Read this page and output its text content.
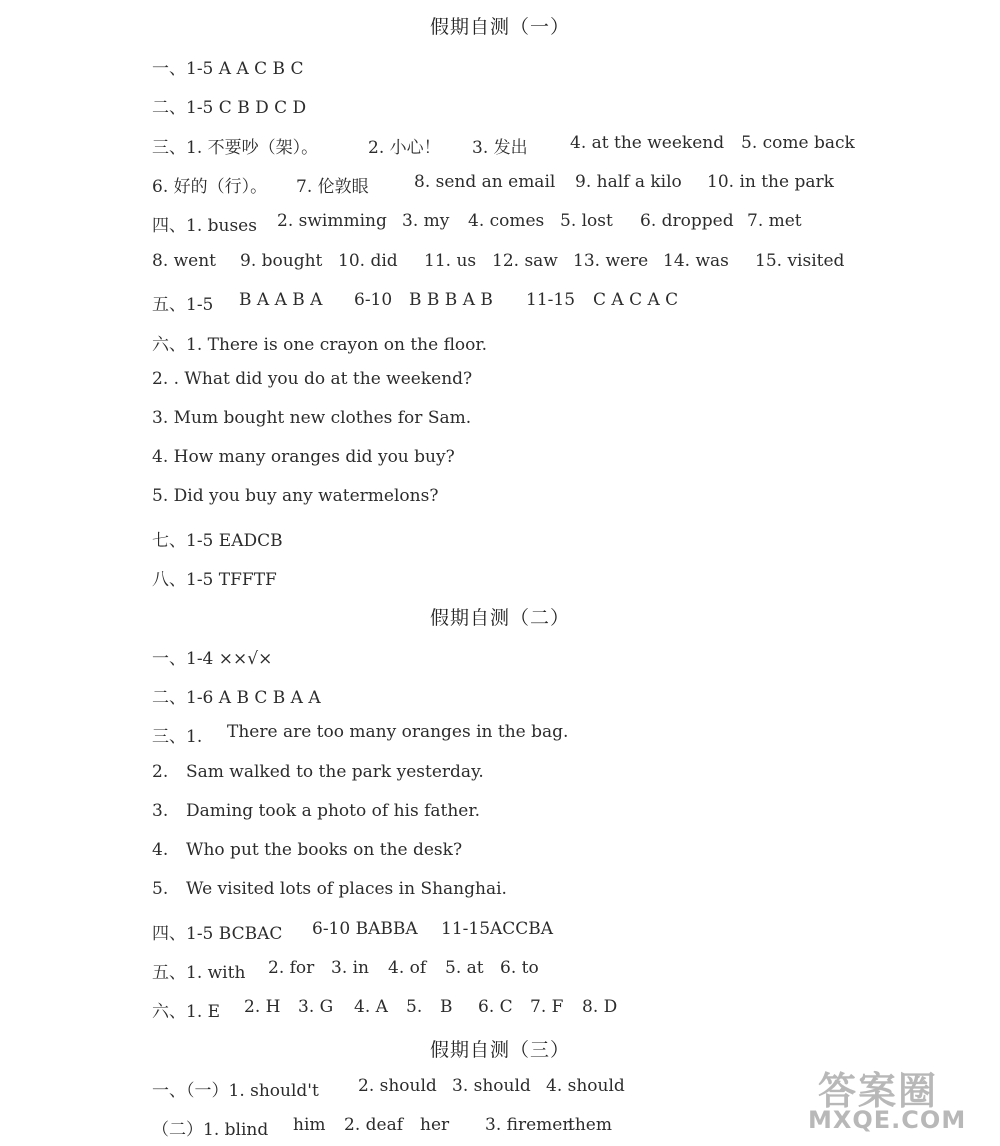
假期自测（一）
一、1-5 A A C B C
二、1-5 C B D C D
三、1. 不要吵（架）。	2. 小心！ 3. 发出 4. at the weekend 5. come back
6. 好的（行）。 7. 伦敦眼	8. send an email 9. half a kilo 10. in the park
四、1. buses 2. swimming 3. my 4. comes 5. lost 6. dropped 7. met
8. went 9. bought 10. did 11. us 12. saw 13. were 14. was 15. visited
五、1-5 B A A B A 6-10 B B B A B 11-15 C A C A C
六、1. There is one crayon on the floor.
2. . What did you do at the weekend?
3. Mum bought new clothes for Sam.
4. How many oranges did you buy?
5. Did you buy any watermelons?
七、1-5 EADCB
八、1-5 TFFTF
假期自测（二）
一、1-4 ××√×
二、1-6 A B C B A A
三、1. There are too many oranges in the bag.
2. Sam walked to the park yesterday.
3. Daming took a photo of his father.
4. Who put the books on the desk?
5. We visited lots of places in Shanghai.
四、1-5 BCBAC 6-10 BABBA 11-15ACCBA
五、1. with 2. for 3. in 4. of 5. at 6. to
六、1. E 2. H 3. G 4. A 5. B 6. C 7. F 8. D
假期自测（三）
一、（一）1. should't 2. should 3. should 4. should
（二）1. blind him 2. deaf her 3. firemen
them
答案圈
MXQE.COM
